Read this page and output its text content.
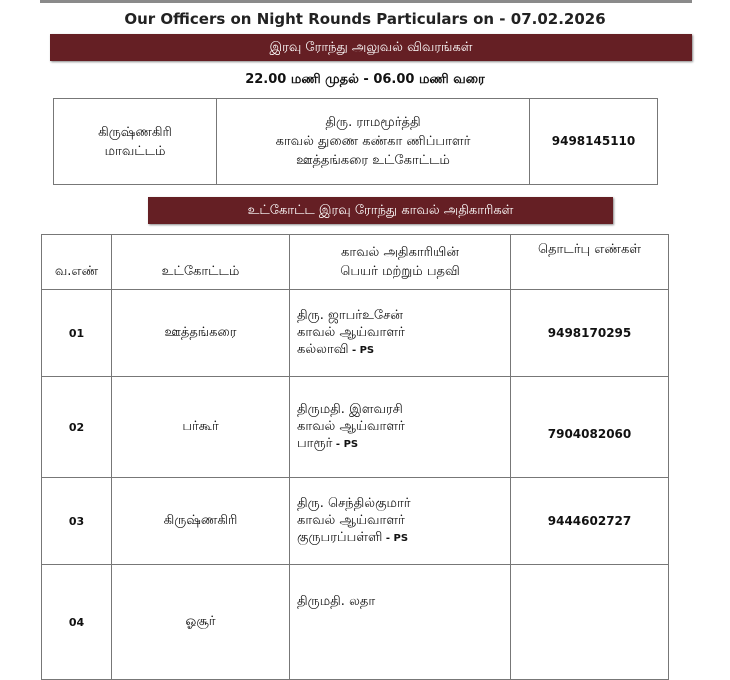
Our Officers on Night Rounds Particulars on - 07.02.2026
இரவு ரோந்து அலுவல் விவரங்கள்
22.00 மணி முதல் - 06.00 மணி வரை
கிருஷ்ணகிரி
மாவட்டம்

திரு. ராமமூர்த்தி
காவல் துணை கண்கா ணிப்பாளர்
ஊத்தங்கரை உட்கோட்டம்
	9498145110
உட்கோட்ட இரவு ரோந்து காவல் அதிகாரிகள்
வ.எண்	உட்கோட்டம்	காவல் அதிகாரியின்
பெயர் மற்றும் பதவி	தொடர்பு எண்கள்
01	ஊத்தங்கரை	திரு. ஜாபர்உசேன்
காவல் ஆய்வாளர்
கல்லாவி - PS	9498170295
02	பர்கூர்	திருமதி. இளவரசி
காவல் ஆய்வாளர்
பாரூர் - PS	7904082060
03	கிருஷ்ணகிரி	திரு. செந்தில்குமார்
காவல் ஆய்வாளர்
குருபரப்பள்ளி - PS	9444602727
04	ஓசூர்	திருமதி. லதா	
